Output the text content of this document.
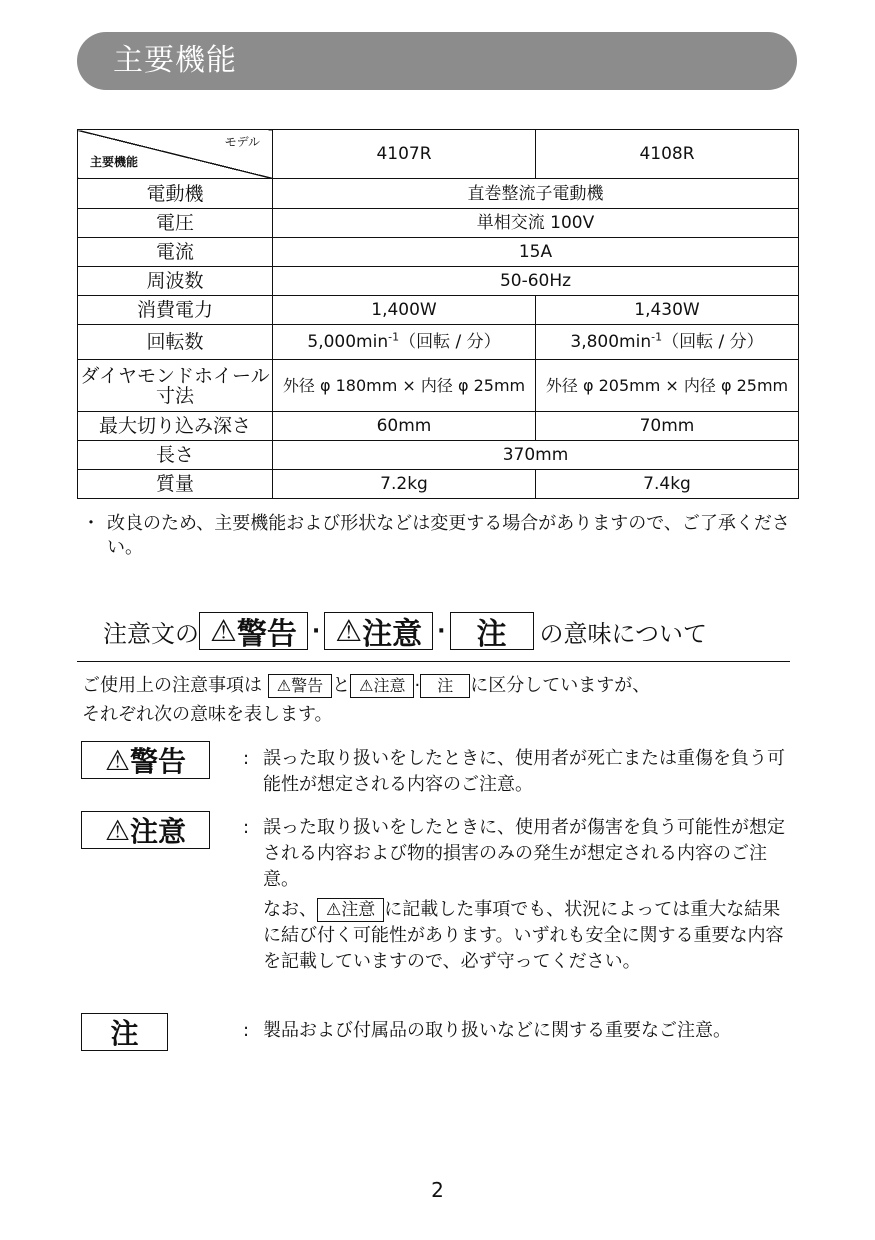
主要機能
モデル
主要機能	4107R	4108R
電動機	直巻整流子電動機	
電圧	単相交流 100V	
電流	15A	
周波数	50-60Hz	
消費電力	1,400W	1,430W
回転数	$5,000\min^{-1}$（回転 / 分）	$3,800\min^{-1}$（回転 / 分）

ダイヤモンドホイール
寸法	外径 φ 180mm × 内径 φ 25mm	外径 φ 205mm × 内径 φ 25mm
最大切り込み深さ	60mm	70mm
長さ	370mm	
質量	7.2kg	7.4kg
・ 改良のため、主要機能および形状などは変更する場合がありますので、ご了承ください。
注意文の ⚠ 警告 · ⚠ 注意 · 注 の意味について
ご使用上の注意事項は ⚠警告 と ⚠注意 · 注 に区分していますが、
それぞれ次の意味を表します。
⚠ 警告	: 誤った取り扱いをしたときに、使用者が死亡または重傷を負う可能性が想定される内容のご注意。
⚠ 注意	: 誤った取り扱いをしたときに、使用者が傷害を負う可能性が想定される内容および物的損害のみの発生が想定される内容のご注意。
なお、 ⚠注意 に記載した事項でも、状況によっては重大な結果に結び付く可能性があります。いずれも安全に関する重要な内容を記載していますので、必ず守ってください。
注	: 製品および付属品の取り扱いなどに関する重要なご注意。
2
